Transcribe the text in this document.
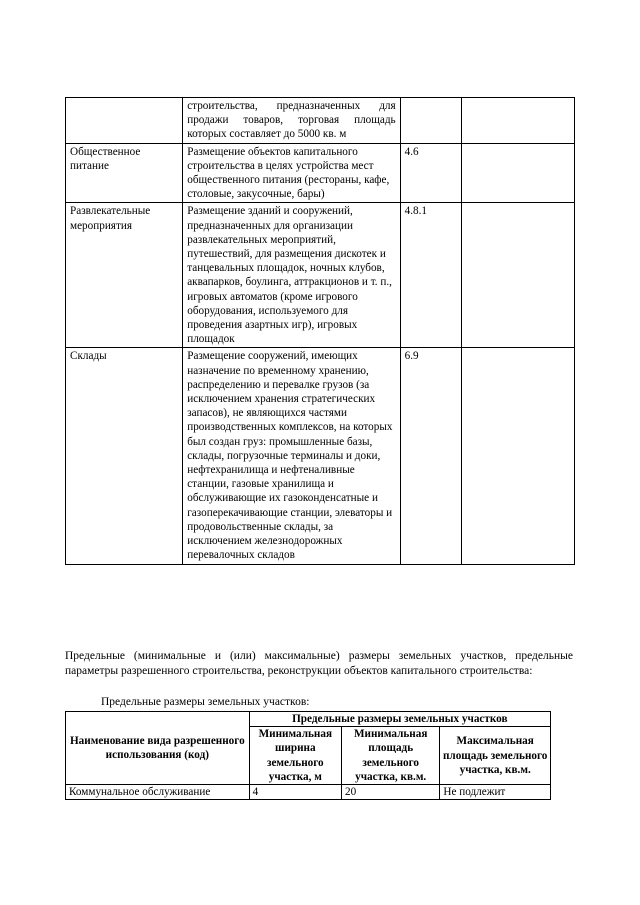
	строительства, предназначенных для продажи товаров, торговая площадь которых составляет до 5000 кв. м		
Общественное питание	Размещение объектов капитального строительства в целях устройства мест общественного питания (рестораны, кафе, столовые, закусочные, бары)	4.6	
Развлекательные мероприятия	Размещение зданий и сооружений, предназначенных для организации развлекательных мероприятий, путешествий, для размещения дискотек и танцевальных площадок, ночных клубов, аквапарков, боулинга, аттракционов и т. п., игровых автоматов (кроме игрового оборудования, используемого для проведения азартных игр), игровых площадок	4.8.1	
Склады	Размещение сооружений, имеющих назначение по временному хранению, распределению и перевалке грузов (за исключением хранения стратегических запасов), не являющихся частями производственных комплексов, на которых был создан груз: промышленные базы, склады, погрузочные терминалы и доки, нефтехранилища и нефтеналивные станции, газовые хранилища и обслуживающие их газоконденсатные и газоперекачивающие станции, элеваторы и продовольственные склады, за исключением железнодорожных перевалочных складов	6.9	
Предельные (минимальные и (или) максимальные) размеры земельных участков, предельные параметры разрешенного строительства, реконструкции объектов капитального строительства:
Предельные размеры земельных участков:
Наименование вида разрешенного использования (код)	Предельные размеры земельных участков		
	Минимальная ширина земельного участка, м	Минимальная площадь земельного участка, кв.м.	Максимальная площадь земельного участка, кв.м.
Коммунальное обслуживание	4	20	Не подлежит
